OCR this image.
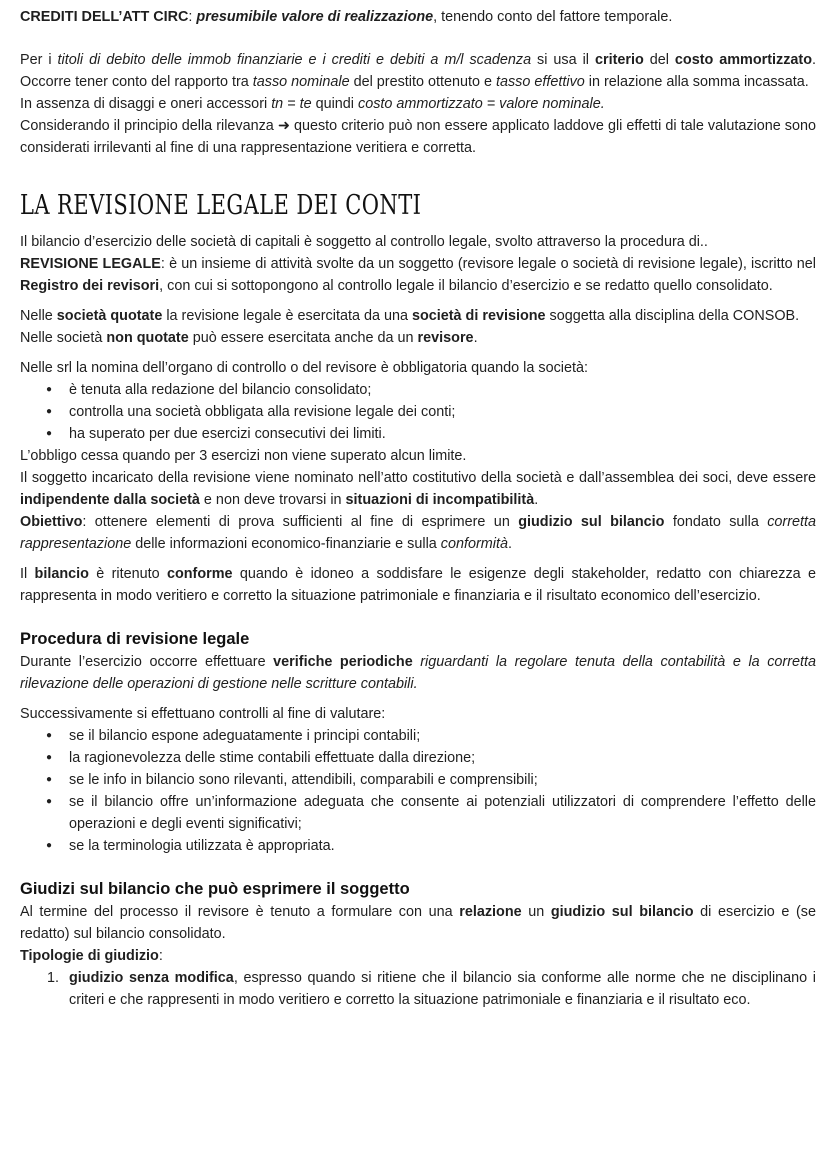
CREDITI DELL’ATT CIRC: presumibile valore di realizzazione, tenendo conto del fattore temporale.

Per i titoli di debito delle immob finanziarie e i crediti e debiti a m/l scadenza si usa il criterio del costo ammortizzato. Occorre tener conto del rapporto tra tasso nominale del prestito ottenuto e tasso effettivo in relazione alla somma incassata.

In assenza di disaggi e oneri accessori tn = te quindi costo ammortizzato = valore nominale.

Considerando il principio della rilevanza ➜ questo criterio può non essere applicato laddove gli effetti di tale valutazione sono considerati irrilevanti al fine di una rappresentazione veritiera e corretta.

LA REVISIONE LEGALE DEI CONTI

Il bilancio d’esercizio delle società di capitali è soggetto al controllo legale, svolto attraverso la procedura di..

REVISIONE LEGALE: è un insieme di attività svolte da un soggetto (revisore legale o società di revisione legale), iscritto nel Registro dei revisori, con cui si sottopongono al controllo legale il bilancio d’esercizio e se redatto quello consolidato.

Nelle società quotate la revisione legale è esercitata da una società di revisione soggetta alla disciplina della CONSOB.

Nelle società non quotate può essere esercitata anche da un revisore.

Nelle srl la nomina dell’organo di controllo o del revisore è obbligatoria quando la società:

● è tenuta alla redazione del bilancio consolidato;
● controlla una società obbligata alla revisione legale dei conti;
● ha superato per due esercizi consecutivi dei limiti.

L’obbligo cessa quando per 3 esercizi non viene superato alcun limite.

Il soggetto incaricato della revisione viene nominato nell’atto costitutivo della società e dall’assemblea dei soci, deve essere indipendente dalla società e non deve trovarsi in situazioni di incompatibilità.

Obiettivo: ottenere elementi di prova sufficienti al fine di esprimere un giudizio sul bilancio fondato sulla corretta rappresentazione delle informazioni economico-finanziarie e sulla conformità.

Il bilancio è ritenuto conforme quando è idoneo a soddisfare le esigenze degli stakeholder, redatto con chiarezza e rappresenta in modo veritiero e corretto la situazione patrimoniale e finanziaria e il risultato economico dell’esercizio.

Procedura di revisione legale

Durante l’esercizio occorre effettuare verifiche periodiche riguardanti la regolare tenuta della contabilità e la corretta rilevazione delle operazioni di gestione nelle scritture contabili.

Successivamente si effettuano controlli al fine di valutare:

● se il bilancio espone adeguatamente i principi contabili;
● la ragionevolezza delle stime contabili effettuate dalla direzione;
● se le info in bilancio sono rilevanti, attendibili, comparabili e comprensibili;
● se il bilancio offre un’informazione adeguata che consente ai potenziali utilizzatori di comprendere l’effetto delle operazioni e degli eventi significativi;
● se la terminologia utilizzata è appropriata.
Giudizi sul bilancio che può esprimere il soggetto

Al termine del processo il revisore è tenuto a formulare con una relazione un giudizio sul bilancio di esercizio e (se redatto) sul bilancio consolidato.

Tipologie di giudizio:

1. giudizio senza modifica, espresso quando si ritiene che il bilancio sia conforme alle norme che ne disciplinano i criteri e che rappresenti in modo veritiero e corretto la situazione patrimoniale e finanziaria e il risultato eco.
